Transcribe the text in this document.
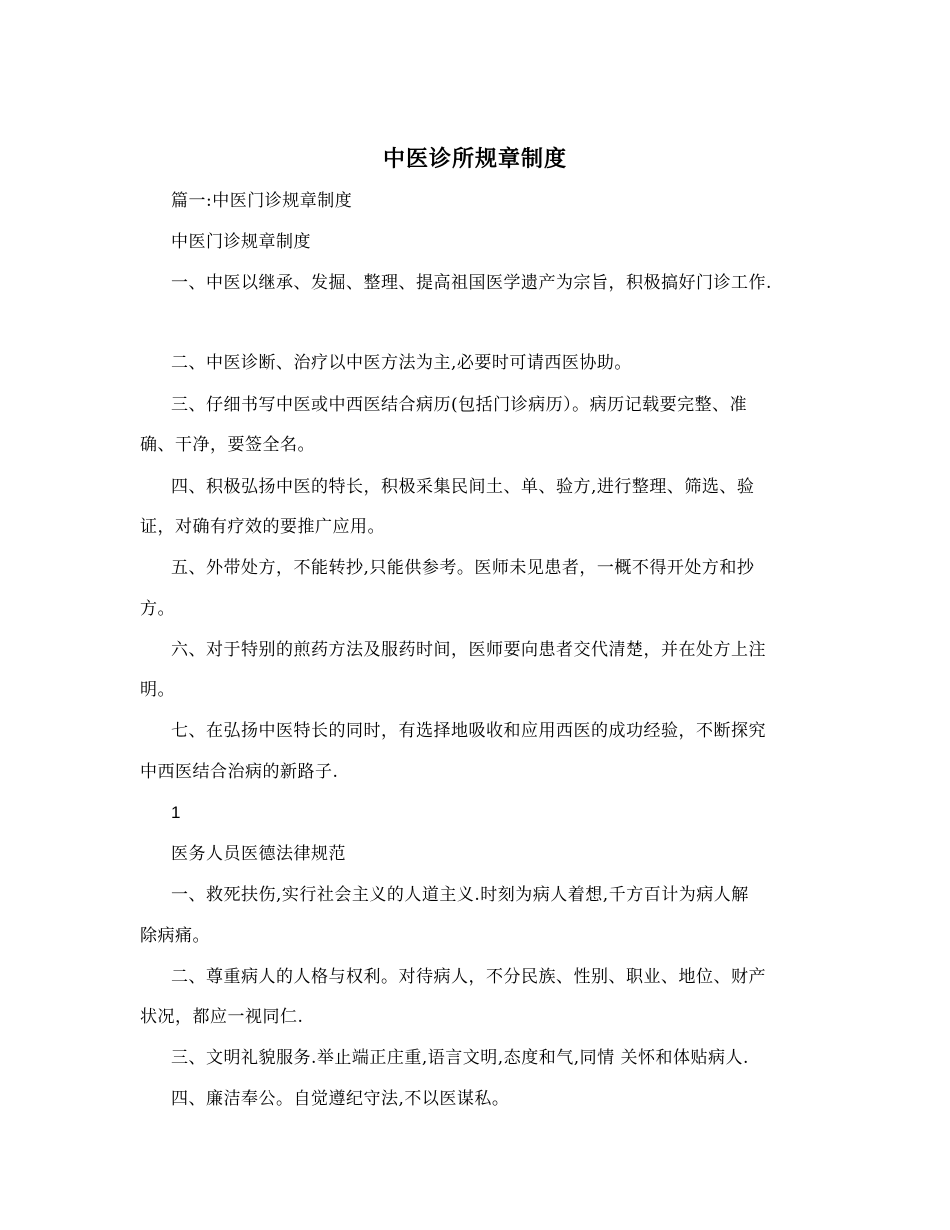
中医诊所规章制度
篇一:中医门诊规章制度
中医门诊规章制度
一、中医以继承、发掘、整理、提高祖国医学遗产为宗旨，积极搞好门诊工作.
二、中医诊断、治疗以中医方法为主,必要时可请西医协助。
三、仔细书写中医或中西医结合病历(包括门诊病历）。病历记载要完整、准
确、干净，要签全名。
四、积极弘扬中医的特长，积极采集民间土、单、验方,进行整理、筛选、验
证，对确有疗效的要推广应用。
五、外带处方，不能转抄,只能供参考。医师未见患者，一概不得开处方和抄
方。
六、对于特别的煎药方法及服药时间，医师要向患者交代清楚，并在处方上注
明。
七、在弘扬中医特长的同时，有选择地吸收和应用西医的成功经验，不断探究
中西医结合治病的新路子.
1
医务人员医德法律规范
一、救死扶伤,实行社会主义的人道主义.时刻为病人着想,千方百计为病人解
除病痛。
二、尊重病人的人格与权利。对待病人，不分民族、性别、职业、地位、财产
状况，都应一视同仁.
三、文明礼貌服务.举止端正庄重,语言文明,态度和气,同情 关怀和体贴病人.
四、廉洁奉公。自觉遵纪守法,不以医谋私。
